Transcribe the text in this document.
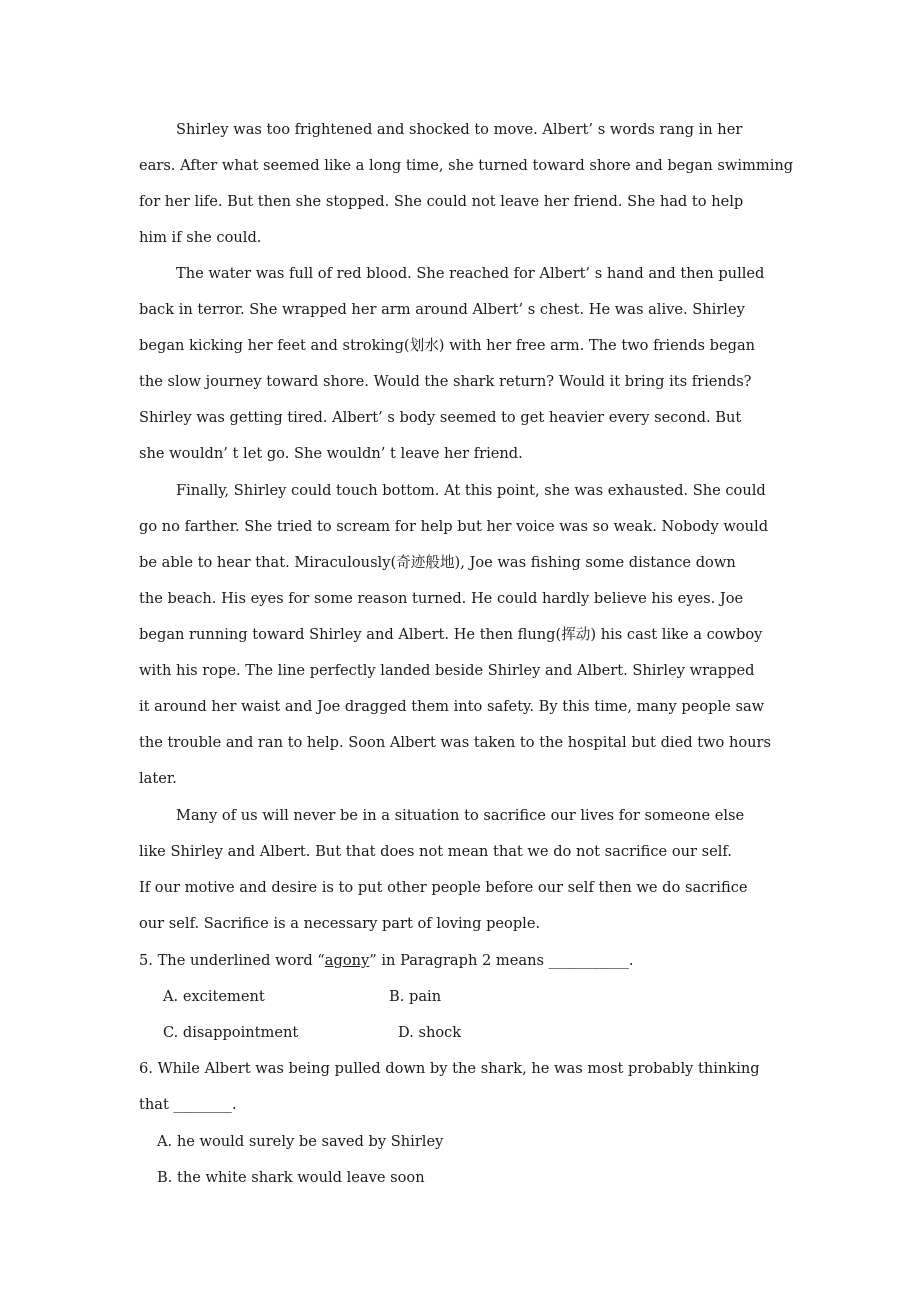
Shirley was too frightened and shocked to move. Albert’ s words rang in her
ears. After what seemed like a long time, she turned toward shore and began swimming
for her life. But then she stopped. She could not leave her friend. She had to help
him if she could.
The water was full of red blood. She reached for Albert’ s hand and then pulled
back in terror. She wrapped her arm around Albert’ s chest. He was alive. Shirley
began kicking her feet and stroking(划水) with her free arm. The two friends began
the slow journey toward shore. Would the shark return? Would it bring its friends?
Shirley was getting tired. Albert’ s body seemed to get heavier every second. But
she wouldn’ t let go. She wouldn’ t leave her friend.
Finally, Shirley could touch bottom. At this point, she was exhausted. She could
go no farther. She tried to scream for help but her voice was so weak. Nobody would
be able to hear that. Miraculously(奇迹般地), Joe was fishing some distance down
the beach. His eyes for some reason turned. He could hardly believe his eyes. Joe
began running toward Shirley and Albert. He then flung(挥动) his cast like a cowboy
with his rope. The line perfectly landed beside Shirley and Albert. Shirley wrapped
it around her waist and Joe dragged them into safety. By this time, many people saw
the trouble and ran to help. Soon Albert was taken to the hospital but died two hours
later.
Many of us will never be in a situation to sacrifice our lives for someone else
like Shirley and Albert. But that does not mean that we do not sacrifice our self.
If our motive and desire is to put other people before our self then we do sacrifice
our self. Sacrifice is a necessary part of loving people.
5. The underlined word “agony” in Paragraph 2 means ___________.
A. excitement	B. pain
C. disappointment	D. shock
6. While Albert was being pulled down by the shark, he was most probably thinking
that ________.
A. he would surely be saved by Shirley
B. the white shark would leave soon
